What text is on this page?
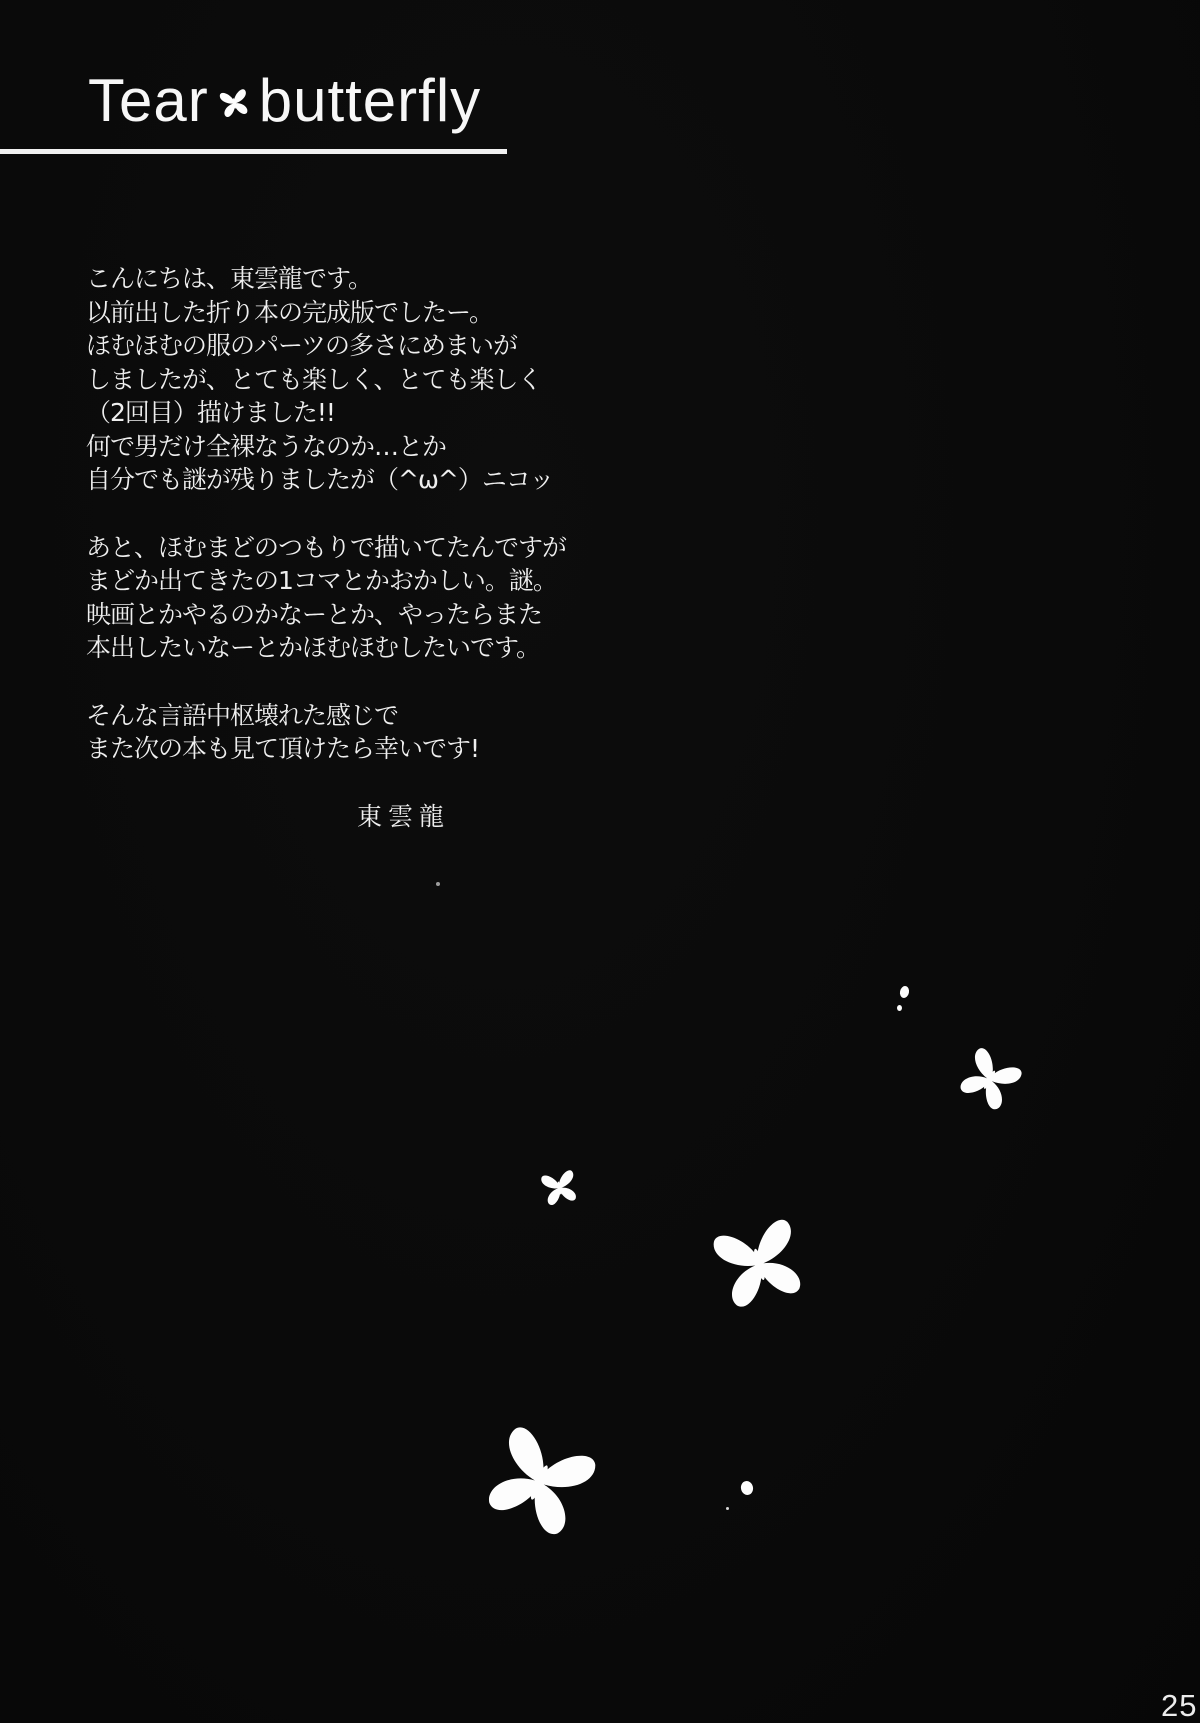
Tear butterfly
こんにちは、東雲龍です。
以前出した折り本の完成版でしたー。
ほむほむの服のパーツの多さにめまいが
しましたが、とても楽しく、とても楽しく
（2回目）描けました!!
何で男だけ全裸なうなのか…とか
自分でも謎が残りましたが（^ω^）ニコッ
あと、ほむまどのつもりで描いてたんですが
まどか出てきたの1コマとかおかしい。謎。
映画とかやるのかなーとか、やったらまた
本出したいなーとかほむほむしたいです。
そんな言語中枢壊れた感じで
また次の本も見て頂けたら幸いです!
東雲龍
25
